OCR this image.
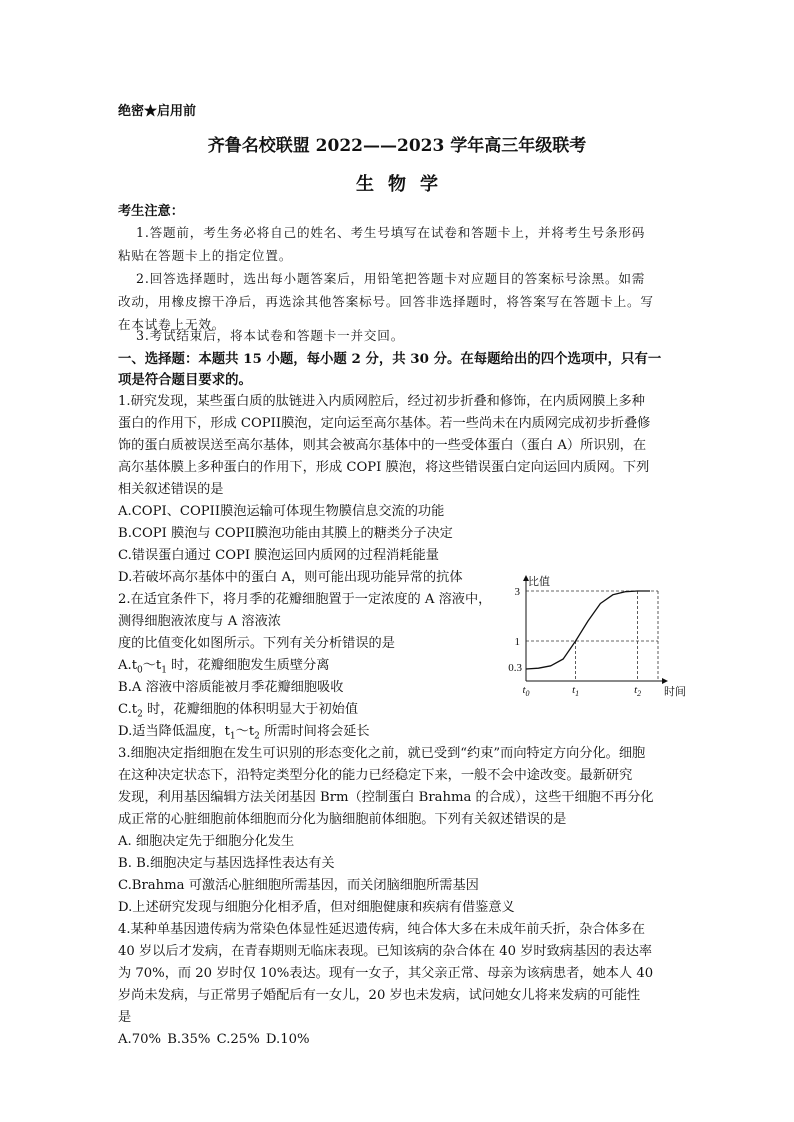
绝密★启用前
齐鲁名校联盟 2022——2023 学年高三年级联考
生物学
考生注意：
1.答题前，考生务必将自己的姓名、考生号填写在试卷和答题卡上，并将考生号条形码
粘贴在答题卡上的指定位置。
2.回答选择题时，选出每小题答案后，用铅笔把答题卡对应题目的答案标号涂黑。如需
改动，用橡皮擦干净后，再选涂其他答案标号。回答非选择题时，将答案写在答题卡上。写
在本试卷上无效。
3.考试结束后，将本试卷和答题卡一并交回。
一、选择题：本题共 15 小题，每小题 2 分，共 30 分。在每题给出的四个选项中，只有一
项是符合题目要求的。
1.研究发现，某些蛋白质的肽链进入内质网腔后，经过初步折叠和修饰，在内质网膜上多种
蛋白的作用下，形成 COPII膜泡，定向运至高尔基体。若一些尚未在内质网完成初步折叠修
饰的蛋白质被误送至高尔基体，则其会被高尔基体中的一些受体蛋白（蛋白 A）所识别，在
高尔基体膜上多种蛋白的作用下，形成 COPI 膜泡，将这些错误蛋白定向运回内质网。下列
相关叙述错误的是
A.COPI、COPII膜泡运输可体现生物膜信息交流的功能
B.COPI 膜泡与 COPII膜泡功能由其膜上的糖类分子决定
C.错误蛋白通过 COPI 膜泡运回内质网的过程消耗能量
D.若破坏高尔基体中的蛋白 A，则可能出现功能异常的抗体
2.在适宜条件下，将月季的花瓣细胞置于一定浓度的 A 溶液中，
测得细胞液浓度与 A 溶液浓
度的比值变化如图所示。下列有关分析错误的是
$A.t_0\sim t_1$ 时，花瓣细胞发生质壁分离
B.A 溶液中溶质能被月季花瓣细胞吸收
$C.t_2$ 时，花瓣细胞的体积明显大于初始值
D.适当降低温度，$t_1\sim t_2$ 所需时间将会延长
比值
时间
3
1
0.3
$t_0$	$t_1$	$t_2$
3.细胞决定指细胞在发生可识别的形态变化之前，就已受到“约束”而向特定方向分化。细胞
在这种决定状态下，沿特定类型分化的能力已经稳定下来，一般不会中途改变。最新研究
发现，利用基因编辑方法关闭基因 Brm（控制蛋白 Brahma 的合成），这些干细胞不再分化
成正常的心脏细胞前体细胞而分化为脑细胞前体细胞。下列有关叙述错误的是
A. 细胞决定先于细胞分化发生
B. B.细胞决定与基因选择性表达有关
C.Brahma 可激活心脏细胞所需基因，而关闭脑细胞所需基因
D.上述研究发现与细胞分化相矛盾，但对细胞健康和疾病有借鉴意义
4.某种单基因遗传病为常染色体显性延迟遗传病，纯合体大多在未成年前夭折，杂合体多在
40 岁以后才发病，在青春期则无临床表现。已知该病的杂合体在 40 岁时致病基因的表达率
为 70%，而 20 岁时仅 10%表达。现有一女子，其父亲正常、母亲为该病患者，她本人 40
岁尚未发病，与正常男子婚配后有一女儿，20 岁也未发病，试问她女儿将来发病的可能性
是
A.70% B.35% C.25% D.10%
